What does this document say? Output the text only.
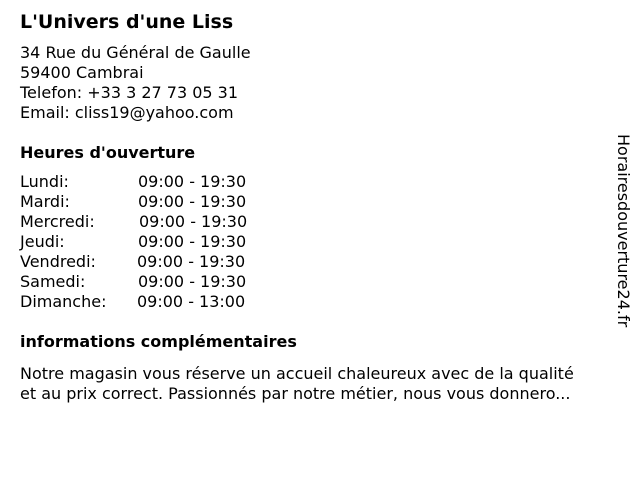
L'Univers d'une Liss
34 Rue du Général de Gaulle
59400 Cambrai
Telefon: +33 3 27 73 05 31
Email: cliss19@yahoo.com
Heures d'ouverture
Lundi:	09:00 - 19:30
Mardi:	09:00 - 19:30
Mercredi:	09:00 - 19:30
Jeudi:	09:00 - 19:30
Vendredi:	09:00 - 19:30
Samedi:	09:00 - 19:30
Dimanche: 09:00 - 13:00
informations complémentaires
Notre magasin vous réserve un accueil chaleureux avec de la qualité
et au prix correct. Passionnés par notre métier, nous vous donnero...
Horairesdouverture24.fr
